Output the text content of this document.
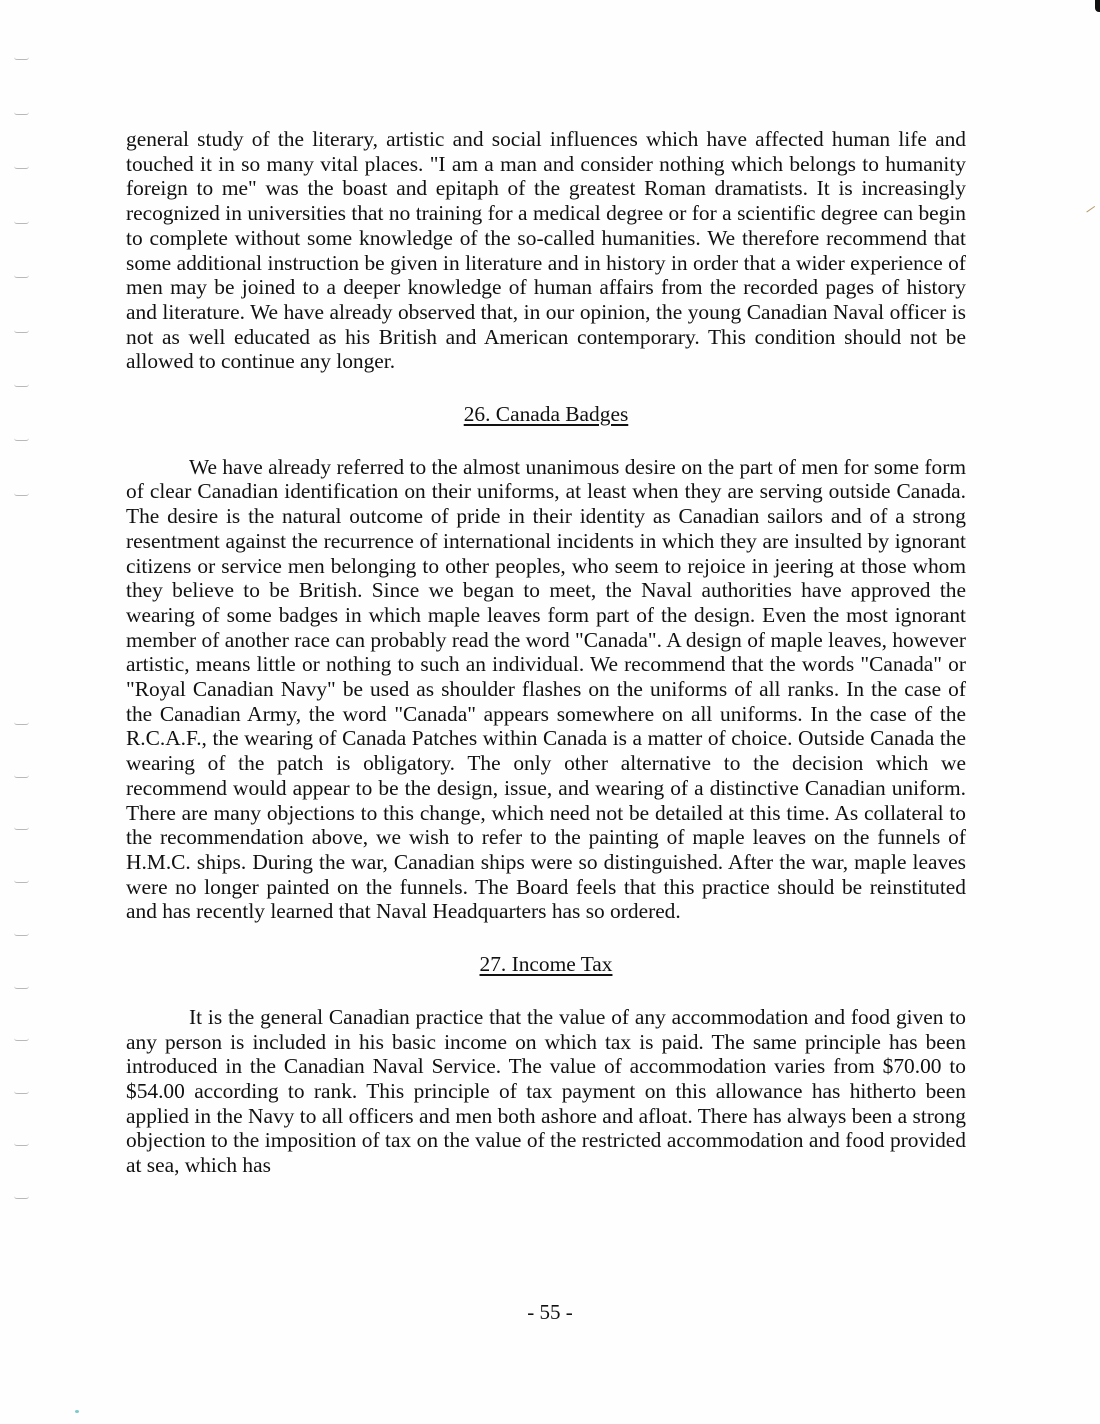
general study of the literary, artistic and social influences which have affected human life and touched it in so many vital places. "I am a man and consider nothing which belongs to humanity foreign to me" was the boast and epitaph of the greatest Roman dramatists. It is increasingly recognized in universities that no training for a medical degree or for a scientific degree can begin to complete without some knowledge of the so-called humanities. We therefore recommend that some additional instruction be given in literature and in history in order that a wider experience of men may be joined to a deeper knowledge of human affairs from the recorded pages of history and literature. We have already observed that, in our opinion, the young Canadian Naval officer is not as well educated as his British and American contemporary. This condition should not be allowed to continue any longer.

26. Canada Badges

We have already referred to the almost unanimous desire on the part of men for some form of clear Canadian identification on their uniforms, at least when they are serving outside Canada. The desire is the natural outcome of pride in their identity as Canadian sailors and of a strong resentment against the recurrence of international incidents in which they are insulted by ignorant citizens or service men belonging to other peoples, who seem to rejoice in jeering at those whom they believe to be British. Since we began to meet, the Naval authorities have approved the wearing of some badges in which maple leaves form part of the design. Even the most ignorant member of another race can probably read the word "Canada". A design of maple leaves, however artistic, means little or nothing to such an individual. We recommend that the words "Canada" or "Royal Canadian Navy" be used as shoulder flashes on the uniforms of all ranks. In the case of the Canadian Army, the word "Canada" appears somewhere on all uniforms. In the case of the R.C.A.F., the wearing of Canada Patches within Canada is a matter of choice. Outside Canada the wearing of the patch is obligatory. The only other alternative to the decision which we recommend would appear to be the design, issue, and wearing of a distinctive Canadian uniform. There are many objections to this change, which need not be detailed at this time. As collateral to the recommendation above, we wish to refer to the painting of maple leaves on the funnels of H.M.C. ships. During the war, Canadian ships were so distinguished. After the war, maple leaves were no longer painted on the funnels. The Board feels that this practice should be reinstituted and has recently learned that Naval Headquarters has so ordered.

27. Income Tax

It is the general Canadian practice that the value of any accommodation and food given to any person is included in his basic income on which tax is paid. The same principle has been introduced in the Canadian Naval Service. The value of accommodation varies from $70.00 to $54.00 according to rank. This principle of tax payment on this allowance has hitherto been applied in the Navy to all officers and men both ashore and afloat. There has always been a strong objection to the imposition of tax on the value of the restricted accommodation and food provided at sea, which has

- 55 -
